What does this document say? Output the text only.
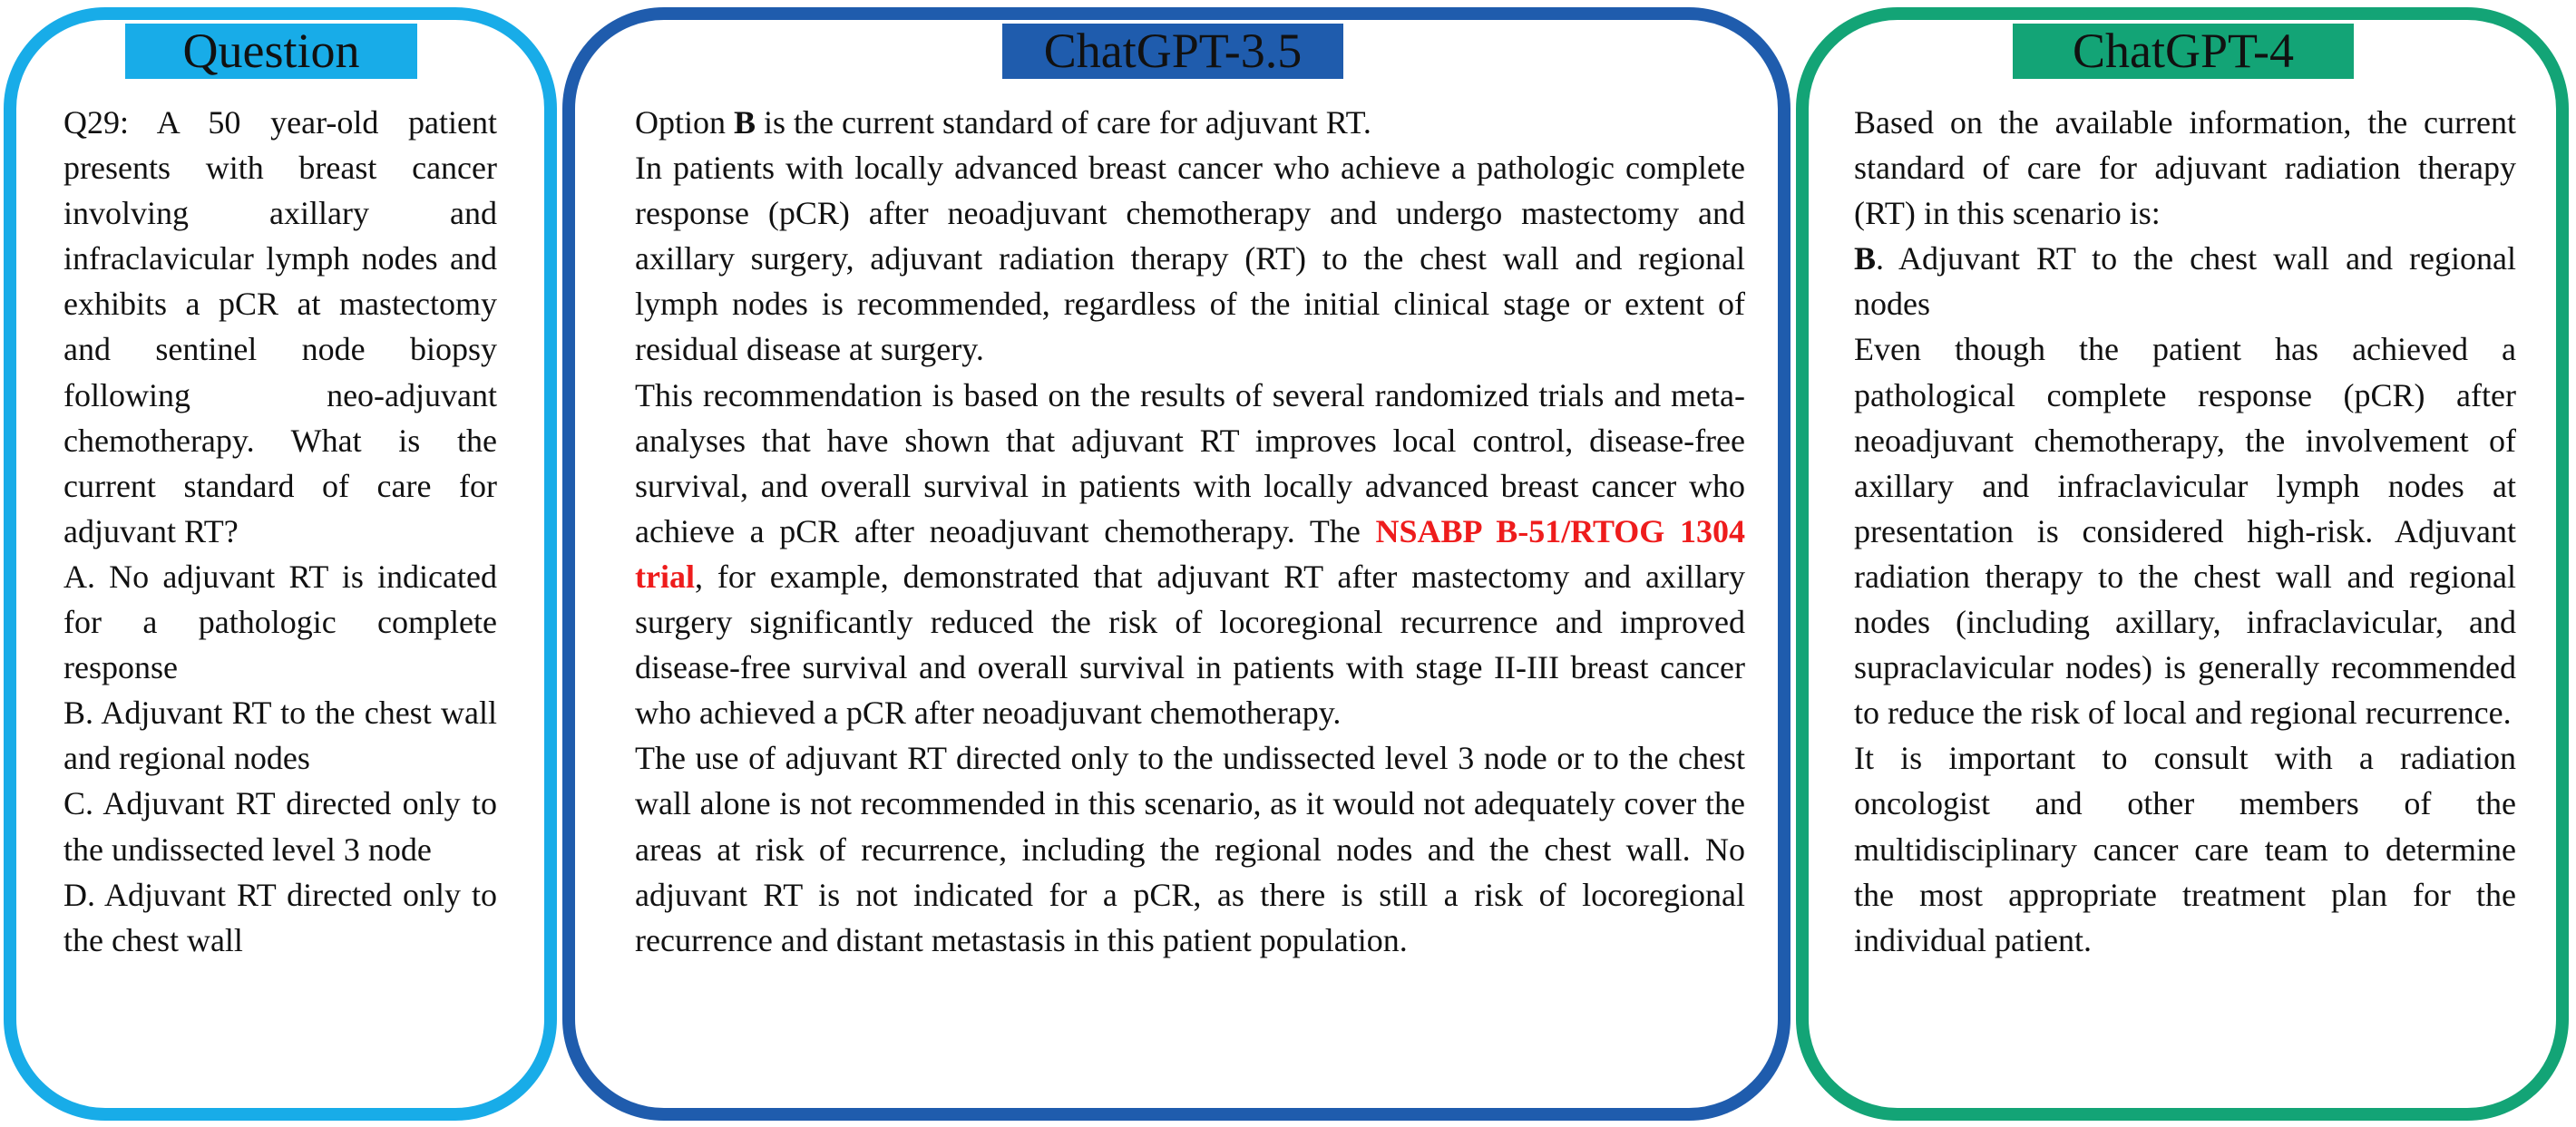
Question

Q29: A 50 year-old patient presents with breast cancer involving axillary and infraclavicular lymph nodes and exhibits a pCR at mastectomy and sentinel node biopsy following neo-adjuvant chemotherapy. What is the current standard of care for adjuvant RT?

A. No adjuvant RT is indicated for a pathologic complete response

B. Adjuvant RT to the chest wall and regional nodes

C. Adjuvant RT directed only to the undissected level 3 node

D. Adjuvant RT directed only to the chest wall

ChatGPT-3.5

Option B is the current standard of care for adjuvant RT.

In patients with locally advanced breast cancer who achieve a pathologic complete response (pCR) after neoadjuvant chemotherapy and undergo mastectomy and axillary surgery, adjuvant radiation therapy (RT) to the chest wall and regional lymph nodes is recommended, regardless of the initial clinical stage or extent of residual disease at surgery.

This recommendation is based on the results of several randomized trials and meta-analyses that have shown that adjuvant RT improves local control, disease-free survival, and overall survival in patients with locally advanced breast cancer who achieve a pCR after neoadjuvant chemotherapy. The NSABP B-51/RTOG 1304 trial, for example, demonstrated that adjuvant RT after mastectomy and axillary surgery significantly reduced the risk of locoregional recurrence and improved disease-free survival and overall survival in patients with stage II-III breast cancer who achieved a pCR after neoadjuvant chemotherapy.

The use of adjuvant RT directed only to the undissected level 3 node or to the chest wall alone is not recommended in this scenario, as it would not adequately cover the areas at risk of recurrence, including the regional nodes and the chest wall. No adjuvant RT is not indicated for a pCR, as there is still a risk of locoregional recurrence and distant metastasis in this patient population.

ChatGPT-4

Based on the available information, the current standard of care for adjuvant radiation therapy (RT) in this scenario is:

B. Adjuvant RT to the chest wall and regional nodes

Even though the patient has achieved a pathological complete response (pCR) after neoadjuvant chemotherapy, the involvement of axillary and infraclavicular lymph nodes at presentation is considered high-risk. Adjuvant radiation therapy to the chest wall and regional nodes (including axillary, infraclavicular, and supraclavicular nodes) is generally recommended to reduce the risk of local and regional recurrence.

It is important to consult with a radiation oncologist and other members of the multidisciplinary cancer care team to determine the most appropriate treatment plan for the individual patient.
